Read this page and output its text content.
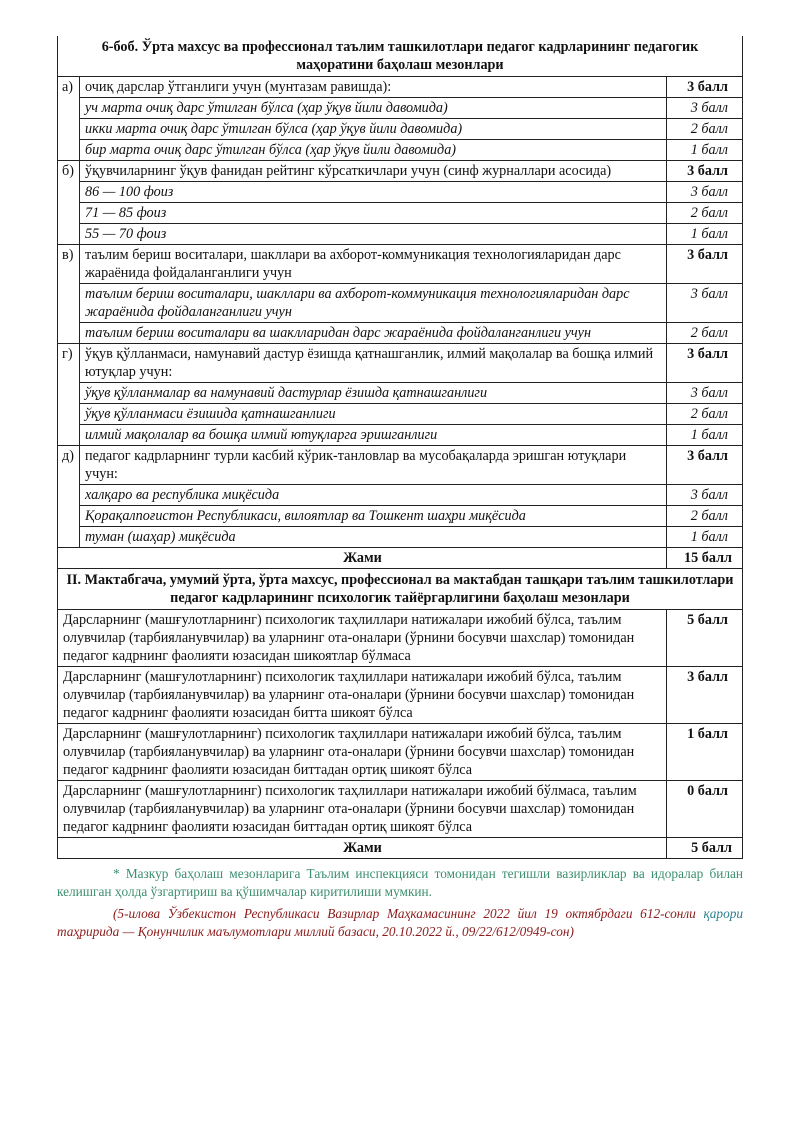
6-боб. Ўрта махсус ва профессионал таълим ташкилотлари педагог кадрларининг педагогик маҳоратини баҳолаш мезонлари		
а)	очиқ дарслар ўтганлиги учун (мунтазам равишда):	3 балл
	уч марта очиқ дарс ўтилган бўлса (ҳар ўқув йили давомида)	3 балл
	икки марта очиқ дарс ўтилган бўлса (ҳар ўқув йили давомида)	2 балл
	бир марта очиқ дарс ўтилган бўлса (ҳар ўқув йили давомида)	1 балл
б)	ўқувчиларнинг ўқув фанидан рейтинг кўрсаткичлари учун (синф журналлари асосида)	3 балл
	86 — 100 фоиз	3 балл
	71 — 85 фоиз	2 балл
	55 — 70 фоиз	1 балл
в)	таълим бериш воситалари, шакллари ва ахборот-коммуникация технологияларидан дарс жараёнида фойдаланганлиги учун	3 балл
	таълим бериш воситалари, шакллари ва ахборот-коммуникация технологияларидан дарс жараёнида фойдаланганлиги учун	3 балл
	таълим бериш воситалари ва шаклларидан дарс жараёнида фойдаланганлиги учун	2 балл
г)	ўқув қўлланмаси, намунавий дастур ёзишда қатнашганлик, илмий мақолалар ва бошқа илмий ютуқлар учун:	3 балл
	ўқув қўлланмалар ва намунавий дастурлар ёзишда қатнашганлиги	3 балл
	ўқув қўлланмаси ёзишида қатнашганлиги	2 балл
	илмий мақолалар ва бошқа илмий ютуқларга эришганлиги	1 балл
д)	педагог кадрларнинг турли касбий кўрик-танловлар ва мусобақаларда эришган ютуқлари учун:	3 балл
	халқаро ва республика миқёсида	3 балл
	Қорақалпоғистон Республикаси, вилоятлар ва Тошкент шаҳри миқёсида	2 балл
	туман (шаҳар) миқёсида	1 балл
Жами		15 балл
II. Мактабгача, умумий ўрта, ўрта махсус, профессионал ва мактабдан ташқари таълим ташкилотлари педагог кадрларининг психологик тайёргарлигини баҳолаш мезонлари		
Дарсларнинг (машғулотларнинг) психологик таҳлиллари натижалари ижобий бўлса, таълим олувчилар (тарбияланувчилар) ва уларнинг ота-оналари (ўрнини босувчи шахслар) томонидан педагог кадрнинг фаолияти юзасидан шикоятлар бўлмаса		5 балл
Дарсларнинг (машғулотларнинг) психологик таҳлиллари натижалари ижобий бўлса, таълим олувчилар (тарбияланувчилар) ва уларнинг ота-оналари (ўрнини босувчи шахслар) томонидан педагог кадрнинг фаолияти юзасидан битта шикоят бўлса		3 балл
Дарсларнинг (машғулотларнинг) психологик таҳлиллари натижалари ижобий бўлса, таълим олувчилар (тарбияланувчилар) ва уларнинг ота-оналари (ўрнини босувчи шахслар) томонидан педагог кадрнинг фаолияти юзасидан биттадан ортиқ шикоят бўлса		1 балл
Дарсларнинг (машғулотларнинг) психологик таҳлиллари натижалари ижобий бўлмаса, таълим олувчилар (тарбияланувчилар) ва уларнинг ота-оналари (ўрнини босувчи шахслар) томонидан педагог кадрнинг фаолияти юзасидан биттадан ортиқ шикоят бўлса		0 балл
Жами		5 балл
* Мазкур баҳолаш мезонларига Таълим инспекцияси томонидан тегишли вазирликлар ва идоралар билан келишган ҳолда ўзгартириш ва қўшимчалар киритилиши мумкин.
(5-илова Ўзбекистон Республикаси Вазирлар Маҳкамасининг 2022 йил 19 октябрдаги 612-сонли қарори таҳририда — Қонунчилик маълумотлари миллий базаси, 20.10.2022 й., 09/22/612/0949-сон)
